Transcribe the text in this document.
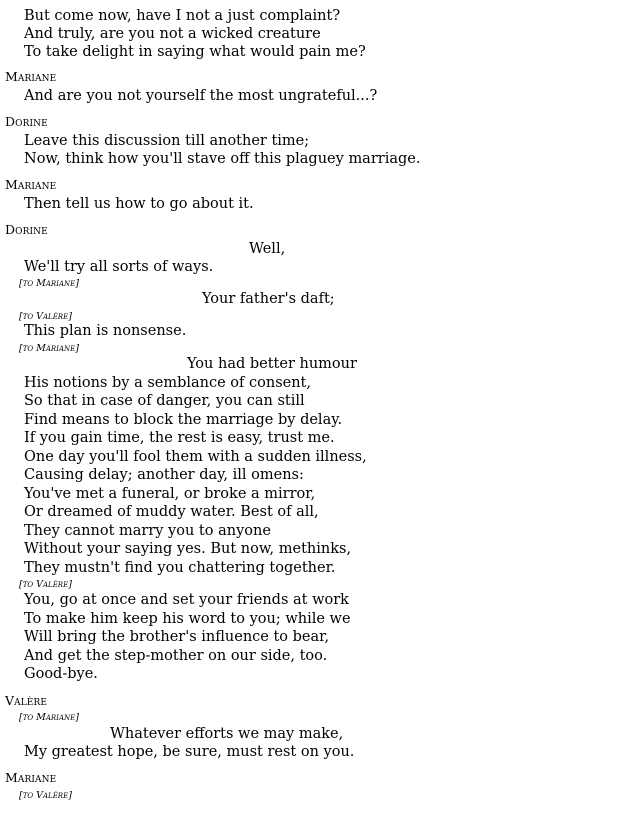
But come now, have I not a just complaint?
And truly, are you not a wicked creature
To take delight in saying what would pain me?
Mariane
And are you not yourself the most ungrateful...?
Dorine
Leave this discussion till another time;
Now, think how you'll stave off this plaguey marriage.
Mariane
Then tell us how to go about it.
Dorine
Well,
We'll try all sorts of ways.
[to Mariane]
Your father's daft;
[to Valère]
This plan is nonsense.
[to Mariane]
You had better humour
His notions by a semblance of consent,
So that in case of danger, you can still
Find means to block the marriage by delay.
If you gain time, the rest is easy, trust me.
One day you'll fool them with a sudden illness,
Causing delay; another day, ill omens:
You've met a funeral, or broke a mirror,
Or dreamed of muddy water. Best of all,
They cannot marry you to anyone
Without your saying yes. But now, methinks,
They mustn't find you chattering together.
[to Valère]
You, go at once and set your friends at work
To make him keep his word to you; while we
Will bring the brother's influence to bear,
And get the step-mother on our side, too.
Good-bye.
Valère
[to Mariane]
Whatever efforts we may make,
My greatest hope, be sure, must rest on you.
Mariane
[to Valère]
